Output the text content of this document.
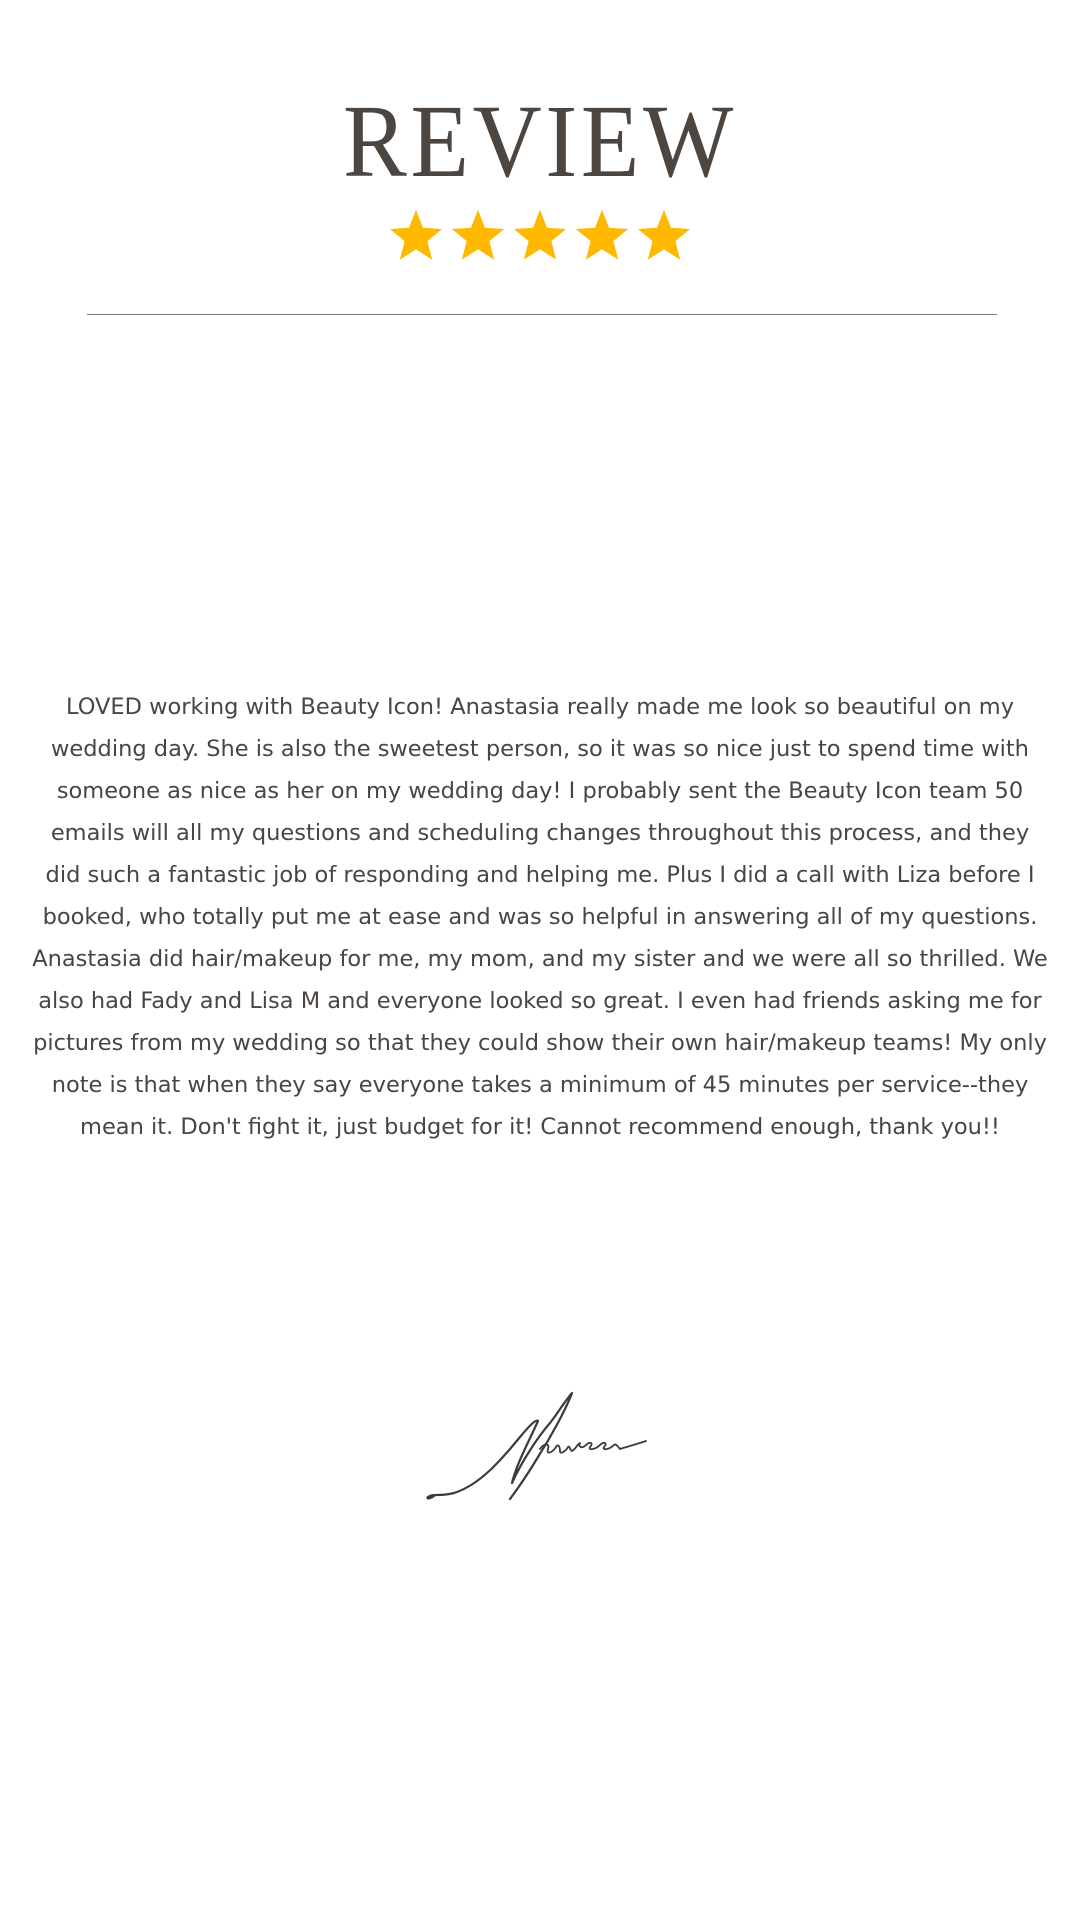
REVIEW
LOVED working with Beauty Icon! Anastasia really made me look so beautiful on my wedding day. She is also the sweetest person, so it was so nice just to spend time with someone as nice as her on my wedding day! I probably sent the Beauty Icon team 50 emails will all my questions and scheduling changes throughout this process, and they did such a fantastic job of responding and helping me. Plus I did a call with Liza before I booked, who totally put me at ease and was so helpful in answering all of my questions. Anastasia did hair/makeup for me, my mom, and my sister and we were all so thrilled. We also had Fady and Lisa M and everyone looked so great. I even had friends asking me for pictures from my wedding so that they could show their own hair/makeup teams! My only note is that when they say everyone takes a minimum of 45 minutes per service--they mean it. Don't fight it, just budget for it! Cannot recommend enough, thank you!!
